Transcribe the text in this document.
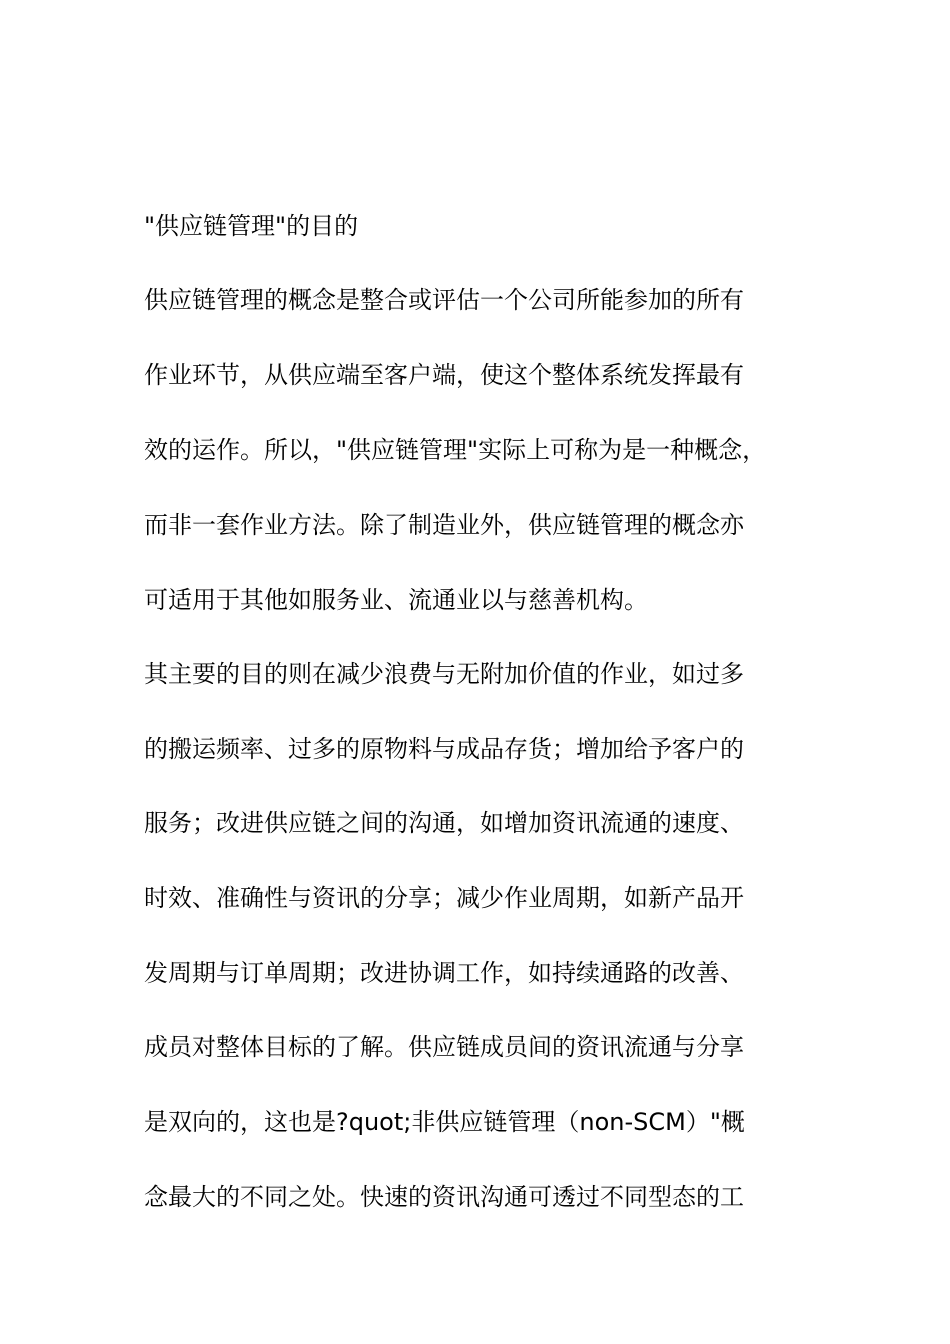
"供应链管理"的目的
供应链管理的概念是整合或评估一个公司所能参加的所有
作业环节，从供应端至客户端，使这个整体系统发挥最有
效的运作。所以，"供应链管理"实际上可称为是一种概念，
而非一套作业方法。除了制造业外，供应链管理的概念亦
可适用于其他如服务业、流通业以与慈善机构。
其主要的目的则在减少浪费与无附加价值的作业，如过多
的搬运频率、过多的原物料与成品存货；增加给予客户的
服务；改进供应链之间的沟通，如增加资讯流通的速度、
时效、准确性与资讯的分享；减少作业周期，如新产品开
发周期与订单周期；改进协调工作，如持续通路的改善、
成员对整体目标的了解。供应链成员间的资讯流通与分享
是双向的，这也是?quot;非供应链管理（non-SCM）"概
念最大的不同之处。快速的资讯沟通可透过不同型态的工
